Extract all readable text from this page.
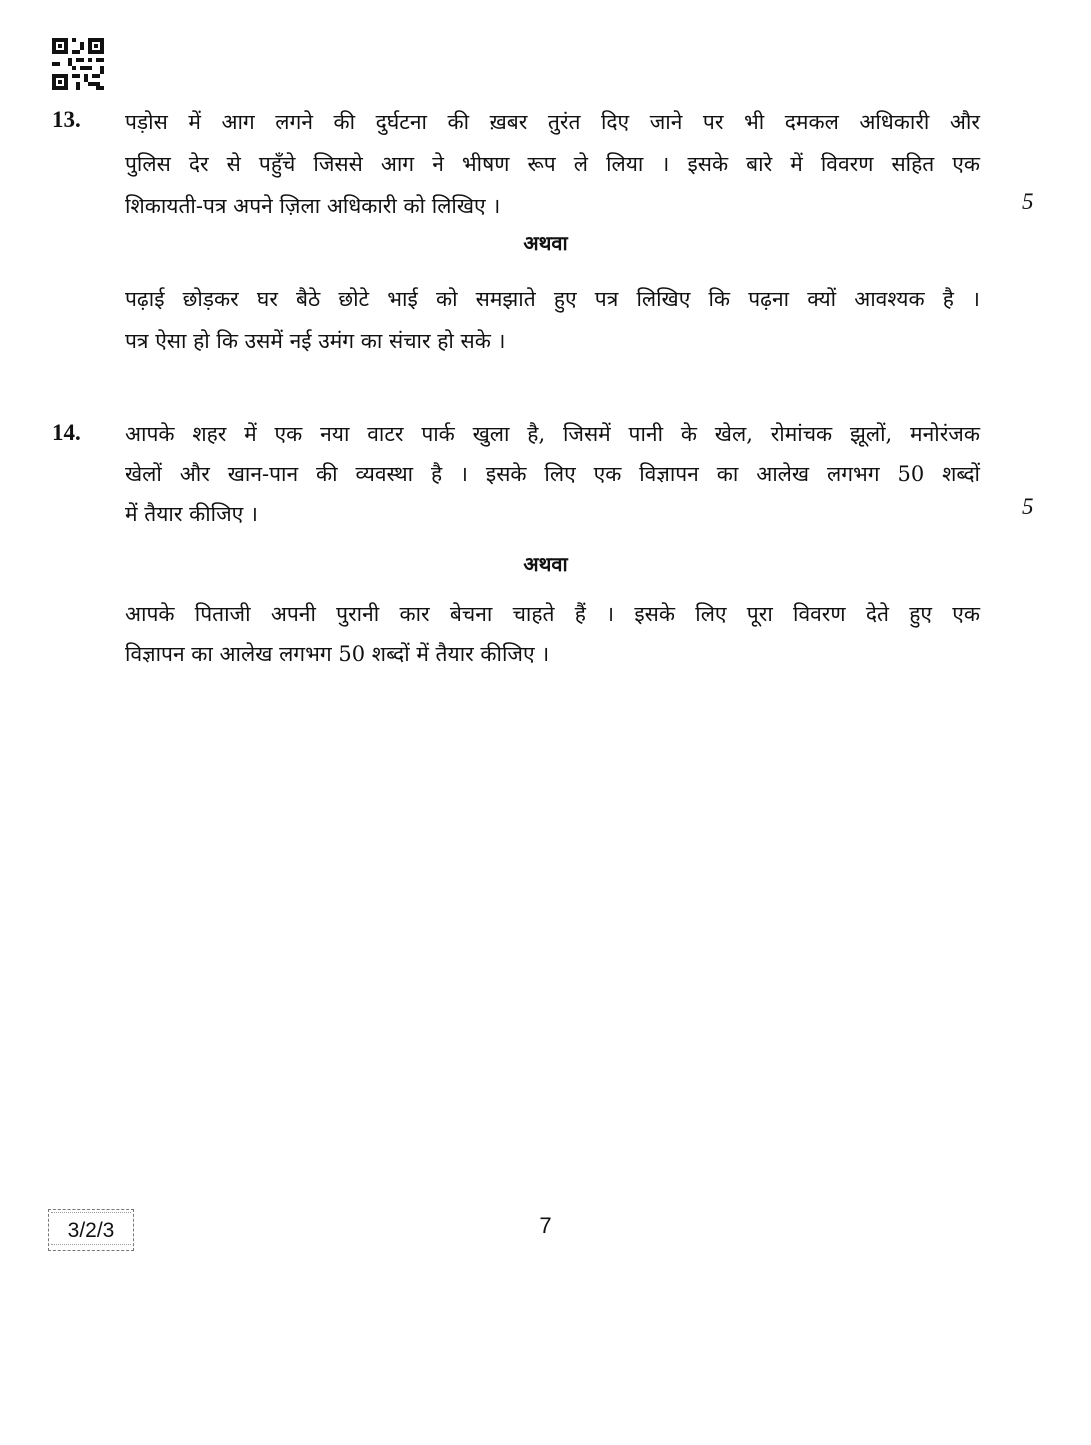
13. पड़ोस में आग लगने की दुर्घटना की ख़बर तुरंत दिए जाने पर भी दमकल अधिकारी और
पुलिस देर से पहुँचे जिससे आग ने भीषण रूप ले लिया । इसके बारे में विवरण सहित एक
शिकायती-पत्र अपने ज़िला अधिकारी को लिखिए ।	5
अथवा
पढ़ाई छोड़कर घर बैठे छोटे भाई को समझाते हुए पत्र लिखिए कि पढ़ना क्यों आवश्यक है ।
पत्र ऐसा हो कि उसमें नई उमंग का संचार हो सके ।
14. आपके शहर में एक नया वाटर पार्क खुला है, जिसमें पानी के खेल, रोमांचक झूलों, मनोरंजक
खेलों और खान-पान की व्यवस्था है । इसके लिए एक विज्ञापन का आलेख लगभग 50 शब्दों
में तैयार कीजिए ।	5
अथवा
आपके पिताजी अपनी पुरानी कार बेचना चाहते हैं । इसके लिए पूरा विवरण देते हुए एक
विज्ञापन का आलेख लगभग 50 शब्दों में तैयार कीजिए ।
3/2/3	7
